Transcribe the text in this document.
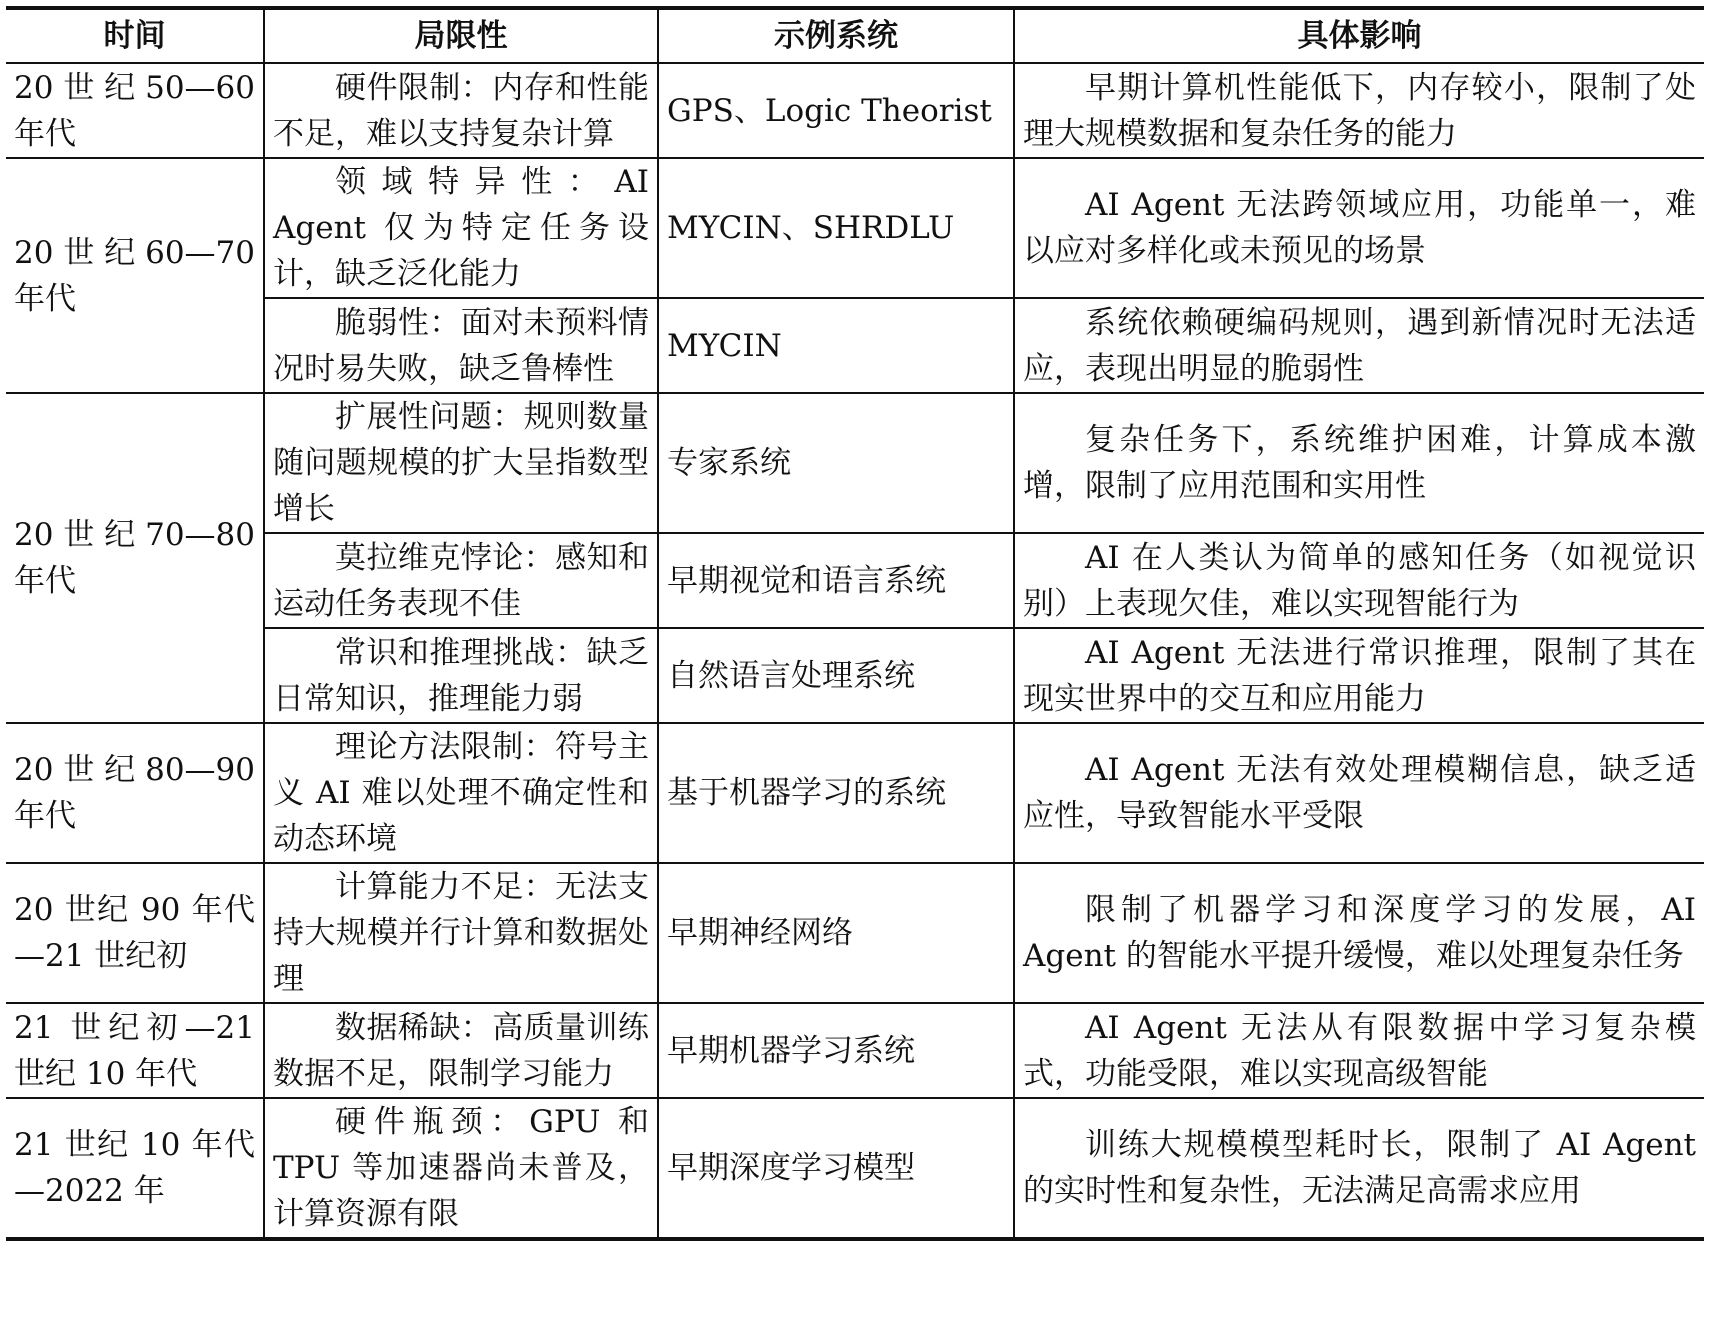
时间	局限性	示例系统	具体影响
20 世 纪 50—60 年代	硬件限制：内存和性能不足，难以支持复杂计算	GPS、Logic Theorist	早期计算机性能低下，内存较小，限制了处理大规模数据和复杂任务的能力
20 世 纪 60—70 年代	领域特异性：AI Agent 仅为特定任务设计，缺乏泛化能力	MYCIN、SHRDLU	AI Agent 无法跨领域应用，功能单一，难以应对多样化或未预见的场景
	脆弱性：面对未预料情况时易失败，缺乏鲁棒性	MYCIN	系统依赖硬编码规则，遇到新情况时无法适应，表现出明显的脆弱性
20 世 纪 70—80 年代	扩展性问题：规则数量随问题规模的扩大呈指数型增长	专家系统	复杂任务下，系统维护困难，计算成本激增，限制了应用范围和实用性
	莫拉维克悖论：感知和运动任务表现不佳	早期视觉和语言系统	AI 在人类认为简单的感知任务（如视觉识别）上表现欠佳，难以实现智能行为
	常识和推理挑战：缺乏日常知识，推理能力弱	自然语言处理系统	AI Agent 无法进行常识推理，限制了其在现实世界中的交互和应用能力
20 世 纪 80—90 年代	理论方法限制：符号主义 AI 难以处理不确定性和动态环境	基于机器学习的系统	AI Agent 无法有效处理模糊信息，缺乏适应性，导致智能水平受限
20 世纪 90 年代—21 世纪初	计算能力不足：无法支持大规模并行计算和数据处理	早期神经网络	限制了机器学习和深度学习的发展，AI Agent 的智能水平提升缓慢，难以处理复杂任务
21 世纪初—21 世纪 10 年代	数据稀缺：高质量训练数据不足，限制学习能力	早期机器学习系统	AI Agent 无法从有限数据中学习复杂模式，功能受限，难以实现高级智能
21 世纪 10 年代—2022 年	硬件瓶颈：GPU 和 TPU 等加速器尚未普及，计算资源有限	早期深度学习模型	训练大规模模型耗时长，限制了 AI Agent 的实时性和复杂性，无法满足高需求应用
